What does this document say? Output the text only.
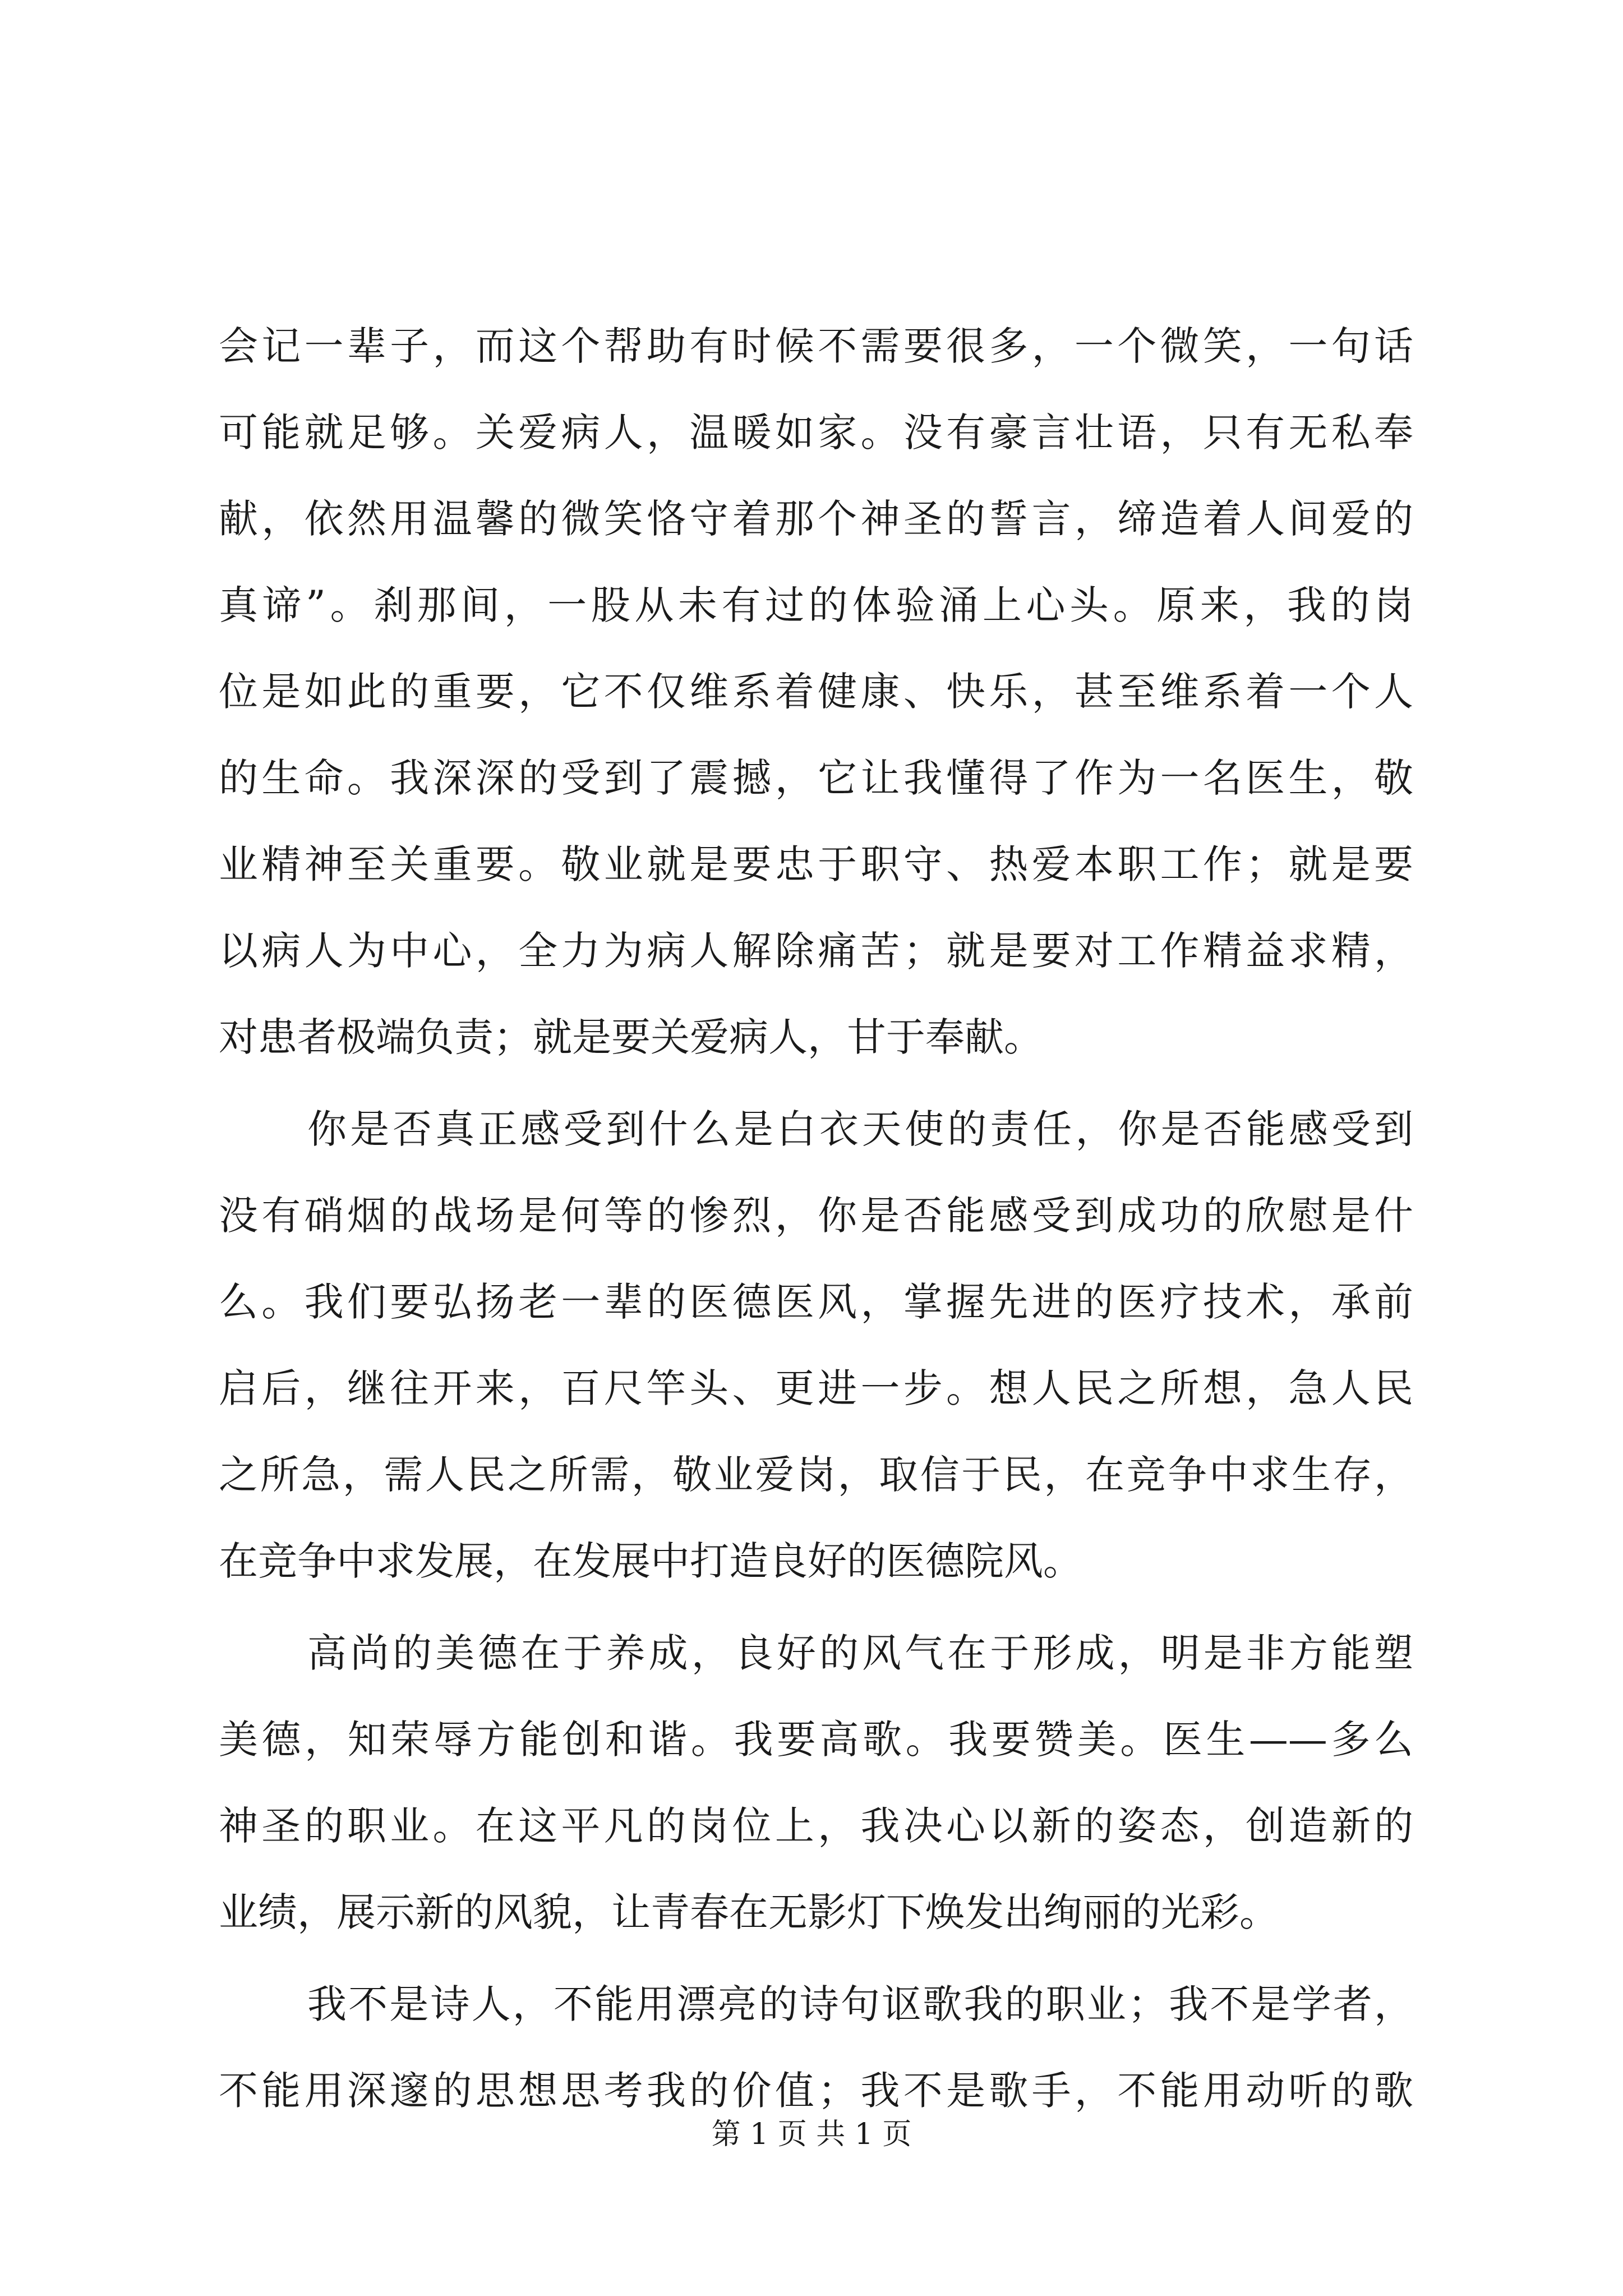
会记一辈子，而这个帮助有时候不需要很多，一个微笑，一句话
可能就足够。关爱病人，温暖如家。没有豪言壮语，只有无私奉
献，依然用温馨的微笑恪守着那个神圣的誓言，缔造着人间爱的
真谛”。刹那间，一股从未有过的体验涌上心头。原来，我的岗
位是如此的重要，它不仅维系着健康、快乐，甚至维系着一个人
的生命。我深深的受到了震撼，它让我懂得了作为一名医生，敬
业精神至关重要。敬业就是要忠于职守、热爱本职工作；就是要
以病人为中心，全力为病人解除痛苦；就是要对工作精益求精，
对患者极端负责；就是要关爱病人，甘于奉献。
你是否真正感受到什么是白衣天使的责任，你是否能感受到
没有硝烟的战场是何等的惨烈，你是否能感受到成功的欣慰是什
么。我们要弘扬老一辈的医德医风，掌握先进的医疗技术，承前
启后，继往开来，百尺竿头、更进一步。想人民之所想，急人民
之所急，需人民之所需，敬业爱岗，取信于民，在竞争中求生存，
在竞争中求发展，在发展中打造良好的医德院风。
高尚的美德在于养成，良好的风气在于形成，明是非方能塑
美德，知荣辱方能创和谐。我要高歌。我要赞美。医生——多么
神圣的职业。在这平凡的岗位上，我决心以新的姿态，创造新的
业绩，展示新的风貌，让青春在无影灯下焕发出绚丽的光彩。
我不是诗人，不能用漂亮的诗句讴歌我的职业；我不是学者，
不能用深邃的思想思考我的价值；我不是歌手，不能用动听的歌
第 1 页 共 1 页
